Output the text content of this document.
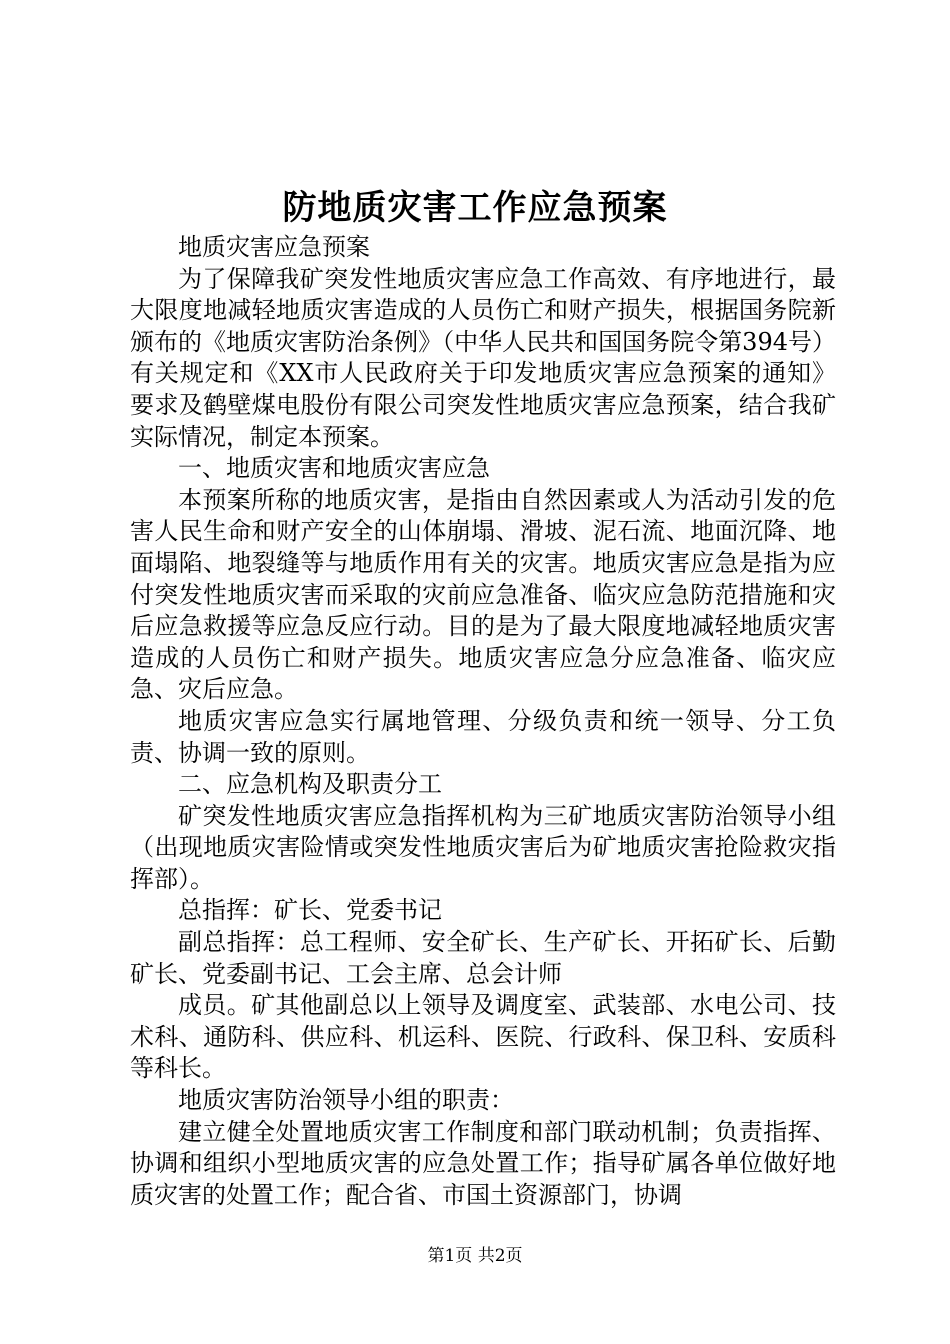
防地质灾害工作应急预案

地质灾害应急预案

为了保障我矿突发性地质灾害应急工作高效、有序地进行，最大限度地减轻地质灾害造成的人员伤亡和财产损失，根据国务院新颁布的《地质灾害防治条例》（中华人民共和国国务院令第394号）有关规定和《XX市人民政府关于印发地质灾害应急预案的通知》要求及鹤壁煤电股份有限公司突发性地质灾害应急预案，结合我矿实际情况，制定本预案。

一、地质灾害和地质灾害应急

本预案所称的地质灾害，是指由自然因素或人为活动引发的危害人民生命和财产安全的山体崩塌、滑坡、泥石流、地面沉降、地面塌陷、地裂缝等与地质作用有关的灾害。地质灾害应急是指为应付突发性地质灾害而采取的灾前应急准备、临灾应急防范措施和灾后应急救援等应急反应行动。目的是为了最大限度地减轻地质灾害造成的人员伤亡和财产损失。地质灾害应急分应急准备、临灾应急、灾后应急。

地质灾害应急实行属地管理、分级负责和统一领导、分工负责、协调一致的原则。

二、应急机构及职责分工

矿突发性地质灾害应急指挥机构为三矿地质灾害防治领导小组（出现地质灾害险情或突发性地质灾害后为矿地质灾害抢险救灾指挥部）。

总指挥：矿长、党委书记

副总指挥：总工程师、安全矿长、生产矿长、开拓矿长、后勤矿长、党委副书记、工会主席、总会计师

成员。矿其他副总以上领导及调度室、武装部、水电公司、技术科、通防科、供应科、机运科、医院、行政科、保卫科、安质科等科长。

地质灾害防治领导小组的职责：

建立健全处置地质灾害工作制度和部门联动机制；负责指挥、协调和组织小型地质灾害的应急处置工作；指导矿属各单位做好地质灾害的处置工作；配合省、市国土资源部门，协调

第1页 共2页
